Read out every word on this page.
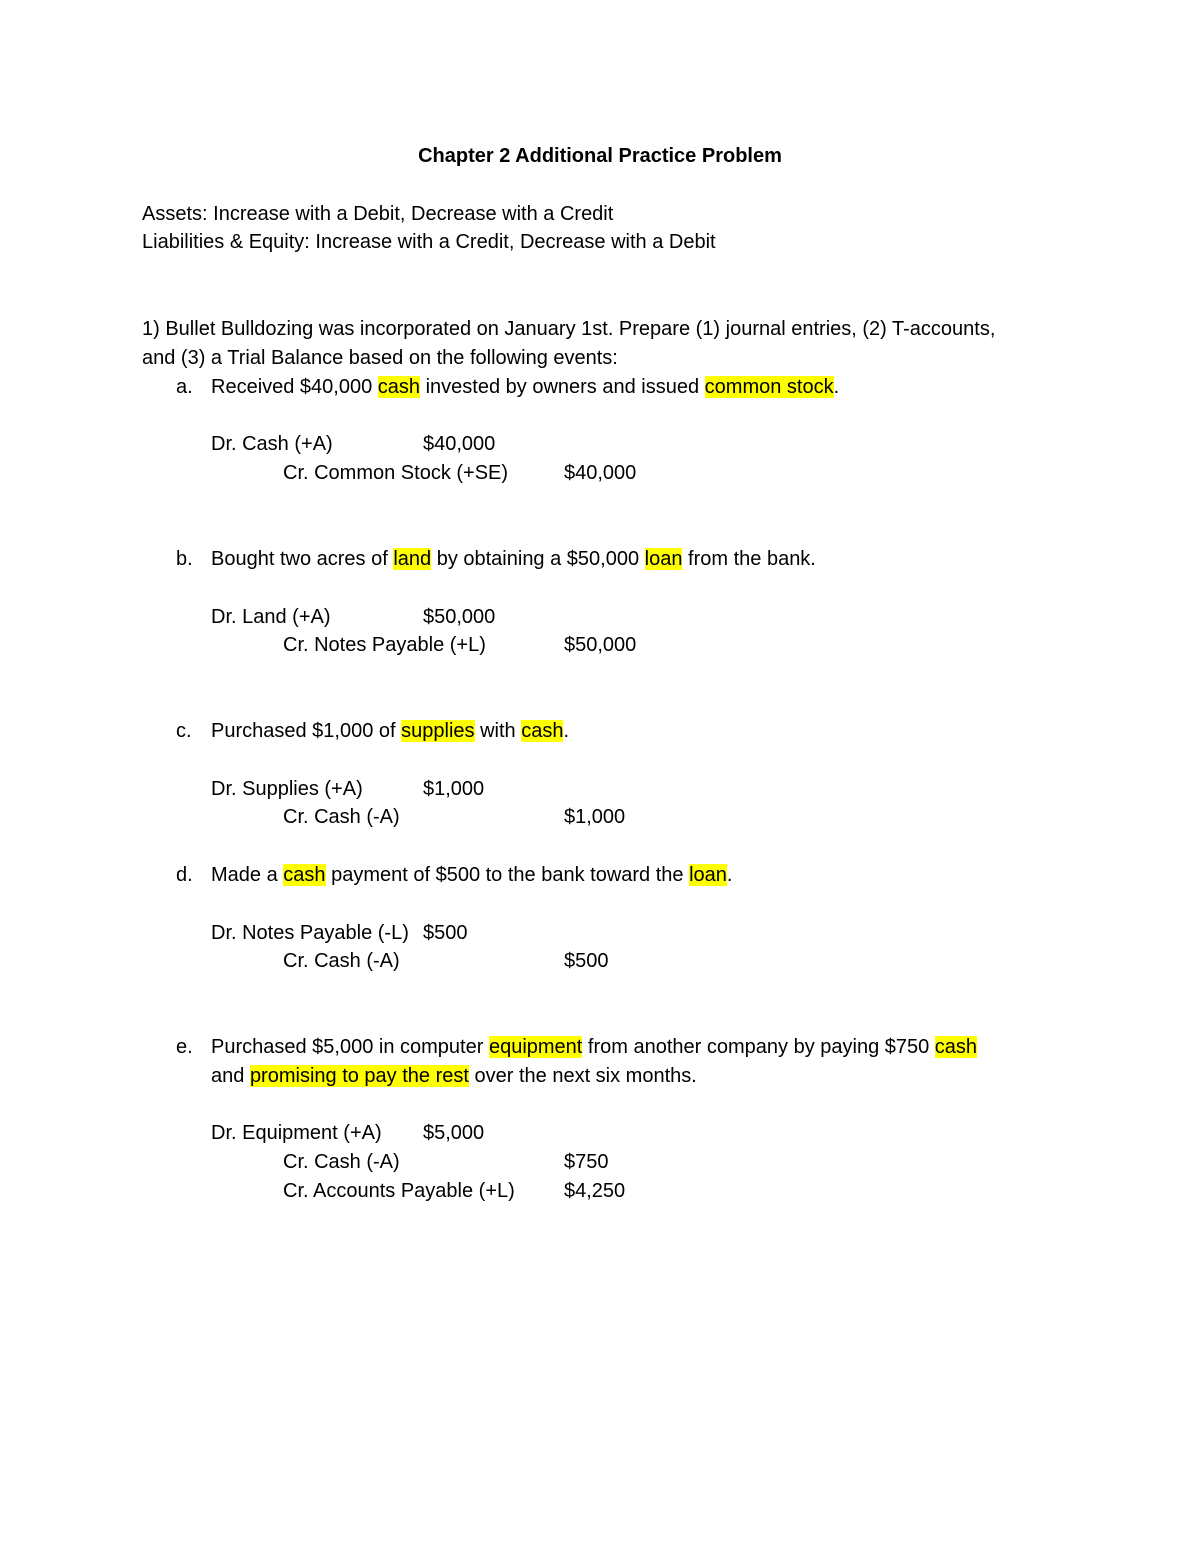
Chapter 2 Additional Practice Problem
Assets: Increase with a Debit, Decrease with a Credit
Liabilities & Equity: Increase with a Credit, Decrease with a Debit
1) Bullet Bulldozing was incorporated on January 1st. Prepare (1) journal entries, (2) T-accounts,
and (3) a Trial Balance based on the following events:
a. Received $40,000 cash invested by owners and issued common stock.
Dr. Cash (+A)	$40,000
Cr. Common Stock (+SE)	$40,000
b. Bought two acres of land by obtaining a $50,000 loan from the bank.
Dr. Land (+A)	$50,000
Cr. Notes Payable (+L)	$50,000
c. Purchased $1,000 of supplies with cash.
Dr. Supplies (+A)	$1,000
Cr. Cash (-A)	$1,000
d. Made a cash payment of $500 to the bank toward the loan.
Dr. Notes Payable (-L) $500
Cr. Cash (-A)	$500
e. Purchased $5,000 in computer equipment from another company by paying $750 cash
and promising to pay the rest over the next six months.
Dr. Equipment (+A) $5,000
Cr. Cash (-A)	$750
Cr. Accounts Payable (+L) $4,250
